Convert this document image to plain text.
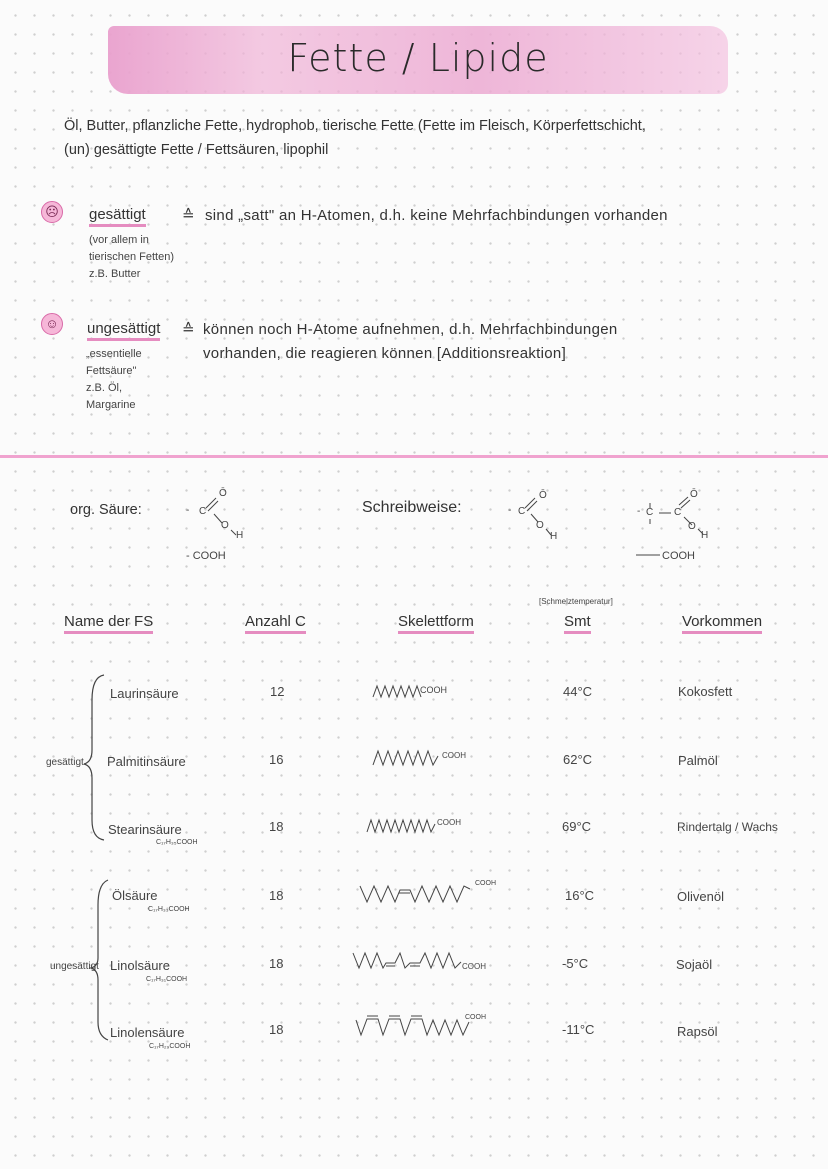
Fette / Lipide
Öl, Butter, pflanzliche Fette, hydrophob, tierische Fette (Fette im Fleisch, Körperfettschicht,
(un) gesättigte Fette / Fettsäuren, lipophil
☹ gesättigt ≙ sind „satt" an H-Atomen, d.h. keine Mehrfachbindungen vorhanden
(vor allem in
tierischen Fetten)
z.B. Butter
☺ ungesättigt ≙ können noch H-Atome aufnehmen, d.h. Mehrfachbindungen
vorhanden, die reagieren können [Additionsreaktion]
„essentielle
Fettsäure"
z.B. Öl,
Margarine
org. Säure:	- C
Ō
O
H
- COOH
Schreibweise:	- C
Ō
O
H
- C C
Ō
O
H
COOH
[Schmelztemperatur]
Name der FS	Anzahl C	Skelettform	Smt	Vorkommen
gesättigt
ungesättigt
Laurinsäure	12	44°C	Kokosfett
COOH
Palmitinsäure	16	62°C	Palmöl
COOH
Stearinsäure
C₁₇H₃₅COOH
18	69°C	Rindertalg / Wachs
COOH
Ölsäure
C₁₇H₃₃COOH
18	16°C	Olivenöl
COOH
Linolsäure
C₁₇H₃₁COOH
18	-5°C	Sojaöl
COOH
Linolensäure
C₁₇H₂₉COOH
18	-11°C	Rapsöl
COOH
